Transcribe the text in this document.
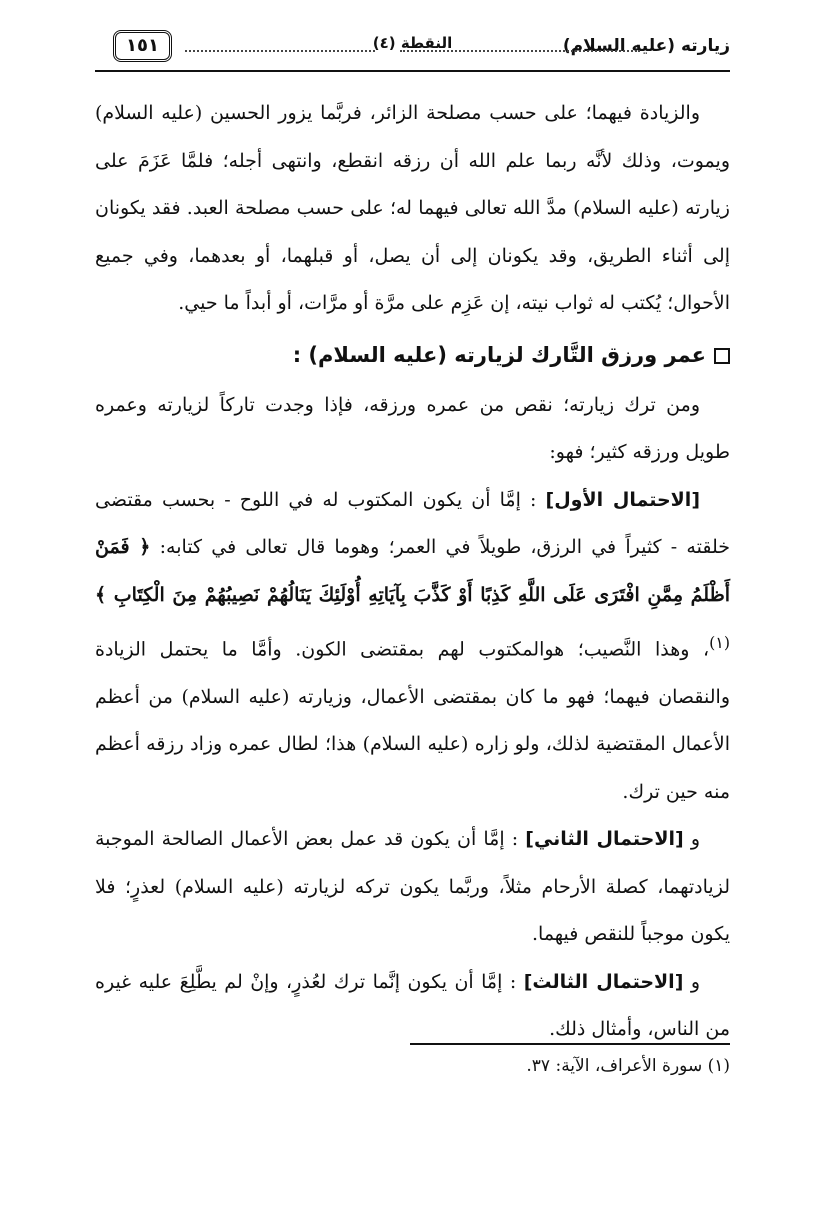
زيارته (عليه السلام)
النقطة (٤)
١٥١

والزيادة فيهما؛ على حسب مصلحة الزائر، فربَّما يزور الحسين (عليه السلام) ويموت، وذلك لأنَّه ربما علم الله أن رزقه انقطع، وانتهى أجله؛ فلمَّا عَزَمَ على زيارته (عليه السلام) مدَّ الله تعالى فيهما له؛ على حسب مصلحة العبد. فقد يكونان إلى أثناء الطريق، وقد يكونان إلى أن يصل، أو قبلهما، أو بعدهما، وفي جميع الأحوال؛ يُكتب له ثواب نيته، إن عَزِم على مرَّة أو مرَّات، أو أبداً ما حيي.

عمر ورزق التَّارك لزيارته (عليه السلام) :

ومن ترك زيارته؛ نقص من عمره ورزقه، فإذا وجدت تاركاً لزيارته وعمره طويل ورزقه كثير؛ فهو:

[الاحتمال الأول] : إمَّا أن يكون المكتوب له في اللوح - بحسب مقتضى خلقته - كثيراً في الرزق، طويلاً في العمر؛ وهوما قال تعالى في كتابه: ﴿ فَمَنْ أَظْلَمُ مِمَّنِ افْتَرَى عَلَى اللَّهِ كَذِبًا أَوْ كَذَّبَ بِآيَاتِهِ أُوْلَئِكَ يَنَالُهُمْ نَصِيبُهُمْ مِنَ الْكِتَابِ ﴾$^{(١)}$، وهذا النَّصيب؛ هوالمكتوب لهم بمقتضى الكون. وأمَّا ما يحتمل الزيادة والنقصان فيهما؛ فهو ما كان بمقتضى الأعمال، وزيارته (عليه السلام) من أعظم الأعمال المقتضية لذلك، ولو زاره (عليه السلام) هذا؛ لطال عمره وزاد رزقه أعظم منه حين ترك.

و [الاحتمال الثاني] : إمَّا أن يكون قد عمل بعض الأعمال الصالحة الموجبة لزيادتهما، كصلة الأرحام مثلاً، وربَّما يكون تركه لزيارته (عليه السلام) لعذرٍ؛ فلا يكون موجباً للنقص فيهما.

و [الاحتمال الثالث] : إمَّا أن يكون إنَّما ترك لعُذرٍ، وإنْ لم يطَّلِعَ عليه غيره من الناس، وأمثال ذلك.

(١) سورة الأعراف، الآية: ٣٧.
